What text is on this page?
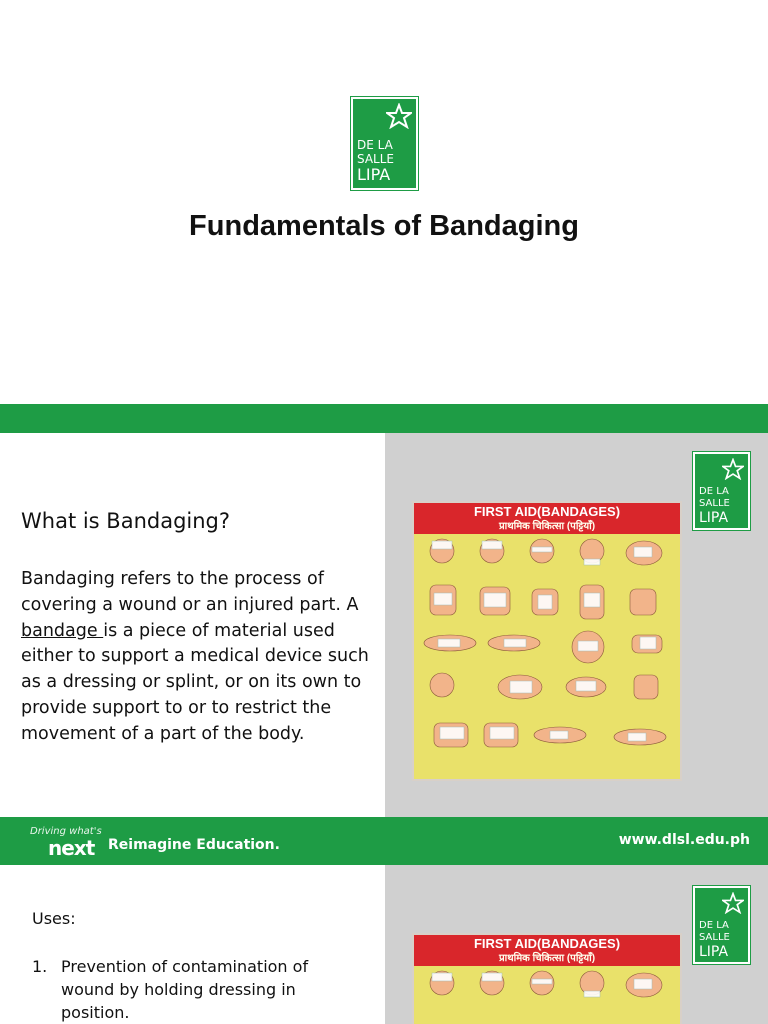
DE LA
SALLE
LIPA
Fundamentals of Bandaging
What is Bandaging?
Bandaging refers to the process of covering a wound or an injured part. A bandage is a piece of material used either to support a medical device such as a dressing or splint, or on its own to provide support to or to restrict the movement of a part of the body.
FIRST AID(BANDAGES)
प्राथमिक चिकित्सा (पट्टियाँ)
DE LA
SALLE
LIPA
Driving what's
next Reimagine Education.	www.dlsl.edu.ph
Uses:
1. Prevention of contamination of wound by holding dressing in position.
FIRST AID(BANDAGES)
प्राथमिक चिकित्सा (पट्टियाँ)
DE LA
SALLE
LIPA
